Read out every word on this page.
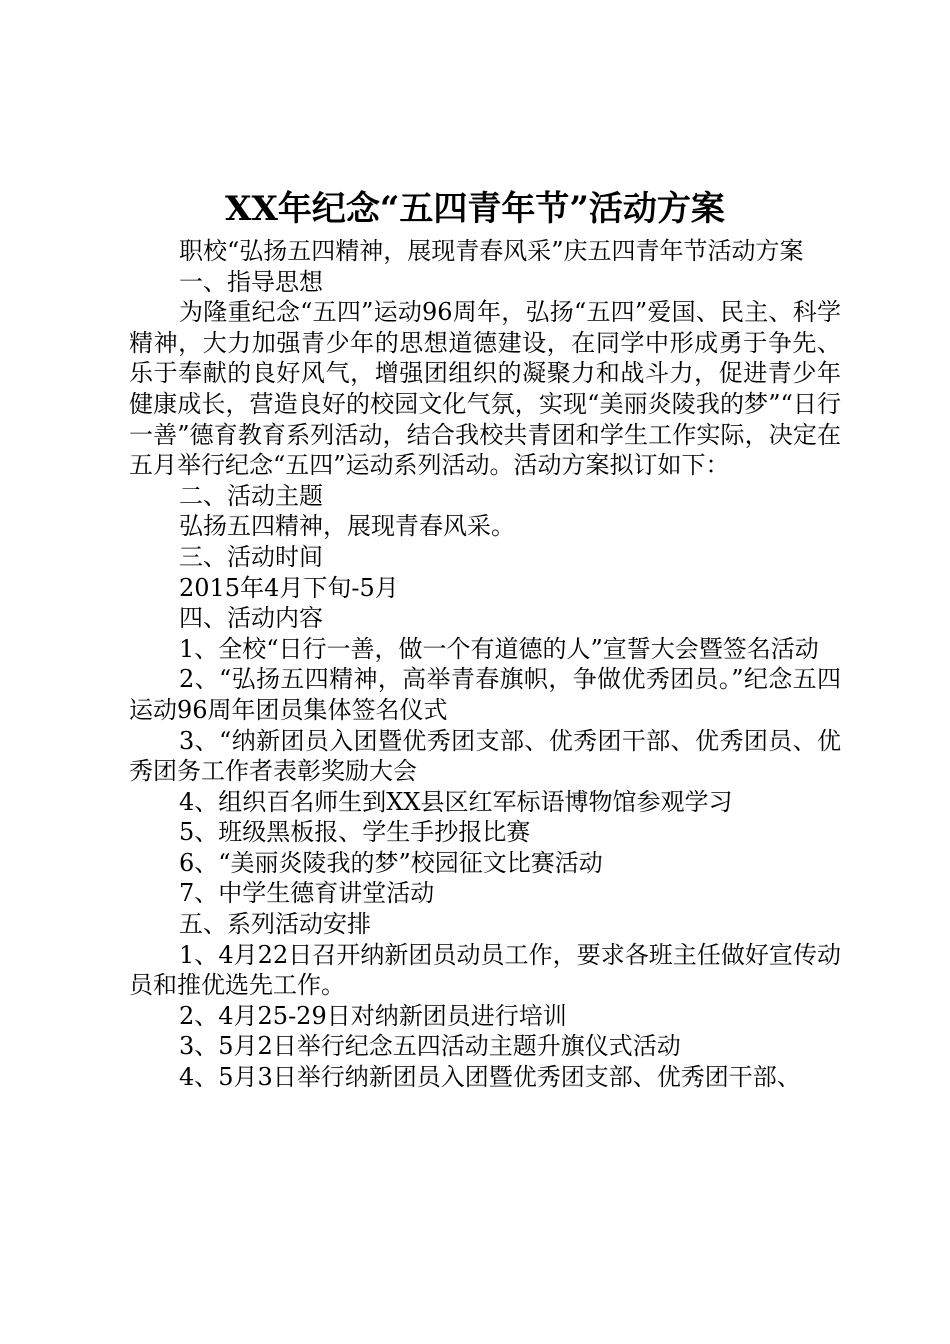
XX年纪念“五四青年节”活动方案

职校“弘扬五四精神，展现青春风采”庆五四青年节活动方案

一、指导思想

为隆重纪念“五四”运动96周年，弘扬“五四”爱国、民主、科学精神，大力加强青少年的思想道德建设，在同学中形成勇于争先、乐于奉献的良好风气，增强团组织的凝聚力和战斗力，促进青少年健康成长，营造良好的校园文化气氛，实现“美丽炎陵我的梦”“日行一善”德育教育系列活动，结合我校共青团和学生工作实际，决定在五月举行纪念“五四”运动系列活动。活动方案拟订如下：

二、活动主题

弘扬五四精神，展现青春风采。

三、活动时间

2015年4月下旬-5月

四、活动内容

1、全校“日行一善，做一个有道德的人”宣誓大会暨签名活动

2、“弘扬五四精神，高举青春旗帜，争做优秀团员。”纪念五四运动96周年团员集体签名仪式

3、“纳新团员入团暨优秀团支部、优秀团干部、优秀团员、优秀团务工作者表彰奖励大会

4、组织百名师生到XX县区红军标语博物馆参观学习

5、班级黑板报、学生手抄报比赛

6、“美丽炎陵我的梦”校园征文比赛活动

7、中学生德育讲堂活动

五、系列活动安排

1、4月22日召开纳新团员动员工作，要求各班主任做好宣传动员和推优选先工作。

2、4月25-29日对纳新团员进行培训

3、5月2日举行纪念五四活动主题升旗仪式活动

4、5月3日举行纳新团员入团暨优秀团支部、优秀团干部、
